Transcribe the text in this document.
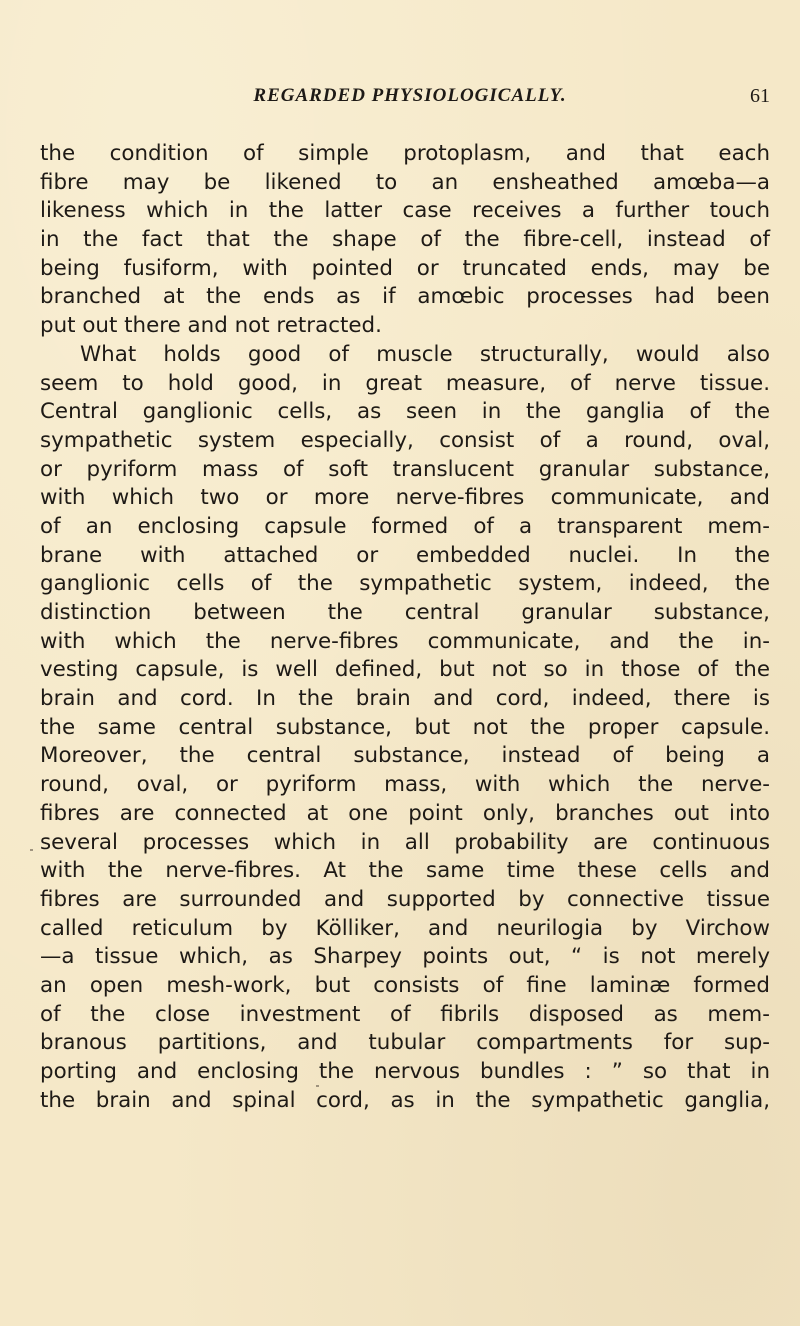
REGARDED PHYSIOLOGICALLY.	61
the condition of simple protoplasm, and that each
fibre may be likened to an ensheathed amœba—a
likeness which in the latter case receives a further touch
in the fact that the shape of the fibre-cell, instead of
being fusiform, with pointed or truncated ends, may be
branched at the ends as if amœbic processes had been
put out there and not retracted.
What holds good of muscle structurally, would also
seem to hold good, in great measure, of nerve tissue.
Central ganglionic cells, as seen in the ganglia of the
sympathetic system especially, consist of a round, oval,
or pyriform mass of soft translucent granular substance,
with which two or more nerve-fibres communicate, and
of an enclosing capsule formed of a transparent mem-
brane with attached or embedded nuclei. In the
ganglionic cells of the sympathetic system, indeed, the
distinction between the central granular substance,
with which the nerve-fibres communicate, and the in-
vesting capsule, is well defined, but not so in those of the
brain and cord. In the brain and cord, indeed, there is
the same central substance, but not the proper capsule.
Moreover, the central substance, instead of being a
round, oval, or pyriform mass, with which the nerve-
fibres are connected at one point only, branches out into
several processes which in all probability are continuous
with the nerve-fibres. At the same time these cells and
fibres are surrounded and supported by connective tissue
called reticulum by Kölliker, and neurilogia by Virchow
—a tissue which, as Sharpey points out, “ is not merely
an open mesh-work, but consists of fine laminæ formed
of the close investment of fibrils disposed as mem-
branous partitions, and tubular compartments for sup-
porting and enclosing the nervous bundles : ” so that in
the brain and spinal cord, as in the sympathetic ganglia,
